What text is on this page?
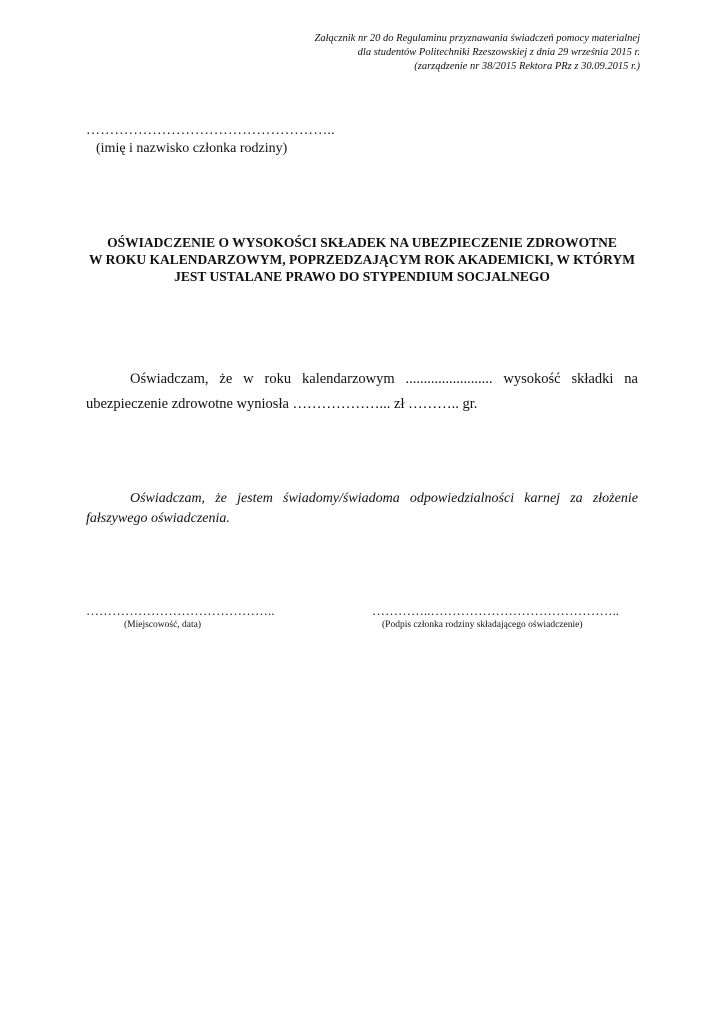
Załącznik nr 20 do Regulaminu przyznawania świadczeń pomocy materialnej
dla studentów Politechniki Rzeszowskiej z dnia 29 września 2015 r.
(zarządzenie nr 38/2015 Rektora PRz z 30.09.2015 r.)
……………………………………………..
(imię i nazwisko członka rodziny)
OŚWIADCZENIE O WYSOKOŚCI SKŁADEK NA UBEZPIECZENIE ZDROWOTNE
W ROKU KALENDARZOWYM, POPRZEDZAJĄCYM ROK AKADEMICKI, W KTÓRYM
JEST USTALANE PRAWO DO STYPENDIUM SOCJALNEGO
Oświadczam, że w roku kalendarzowym ........................ wysokość składki na
ubezpieczenie zdrowotne wyniosła ………………... zł ……….. gr.
Oświadczam, że jestem świadomy/świadoma odpowiedzialności karnej za złożenie
fałszywego oświadczenia.
……………………………………..
(Miejscowość, data)
…………..……………………………………..
(Podpis członka rodziny składającego oświadczenie)
